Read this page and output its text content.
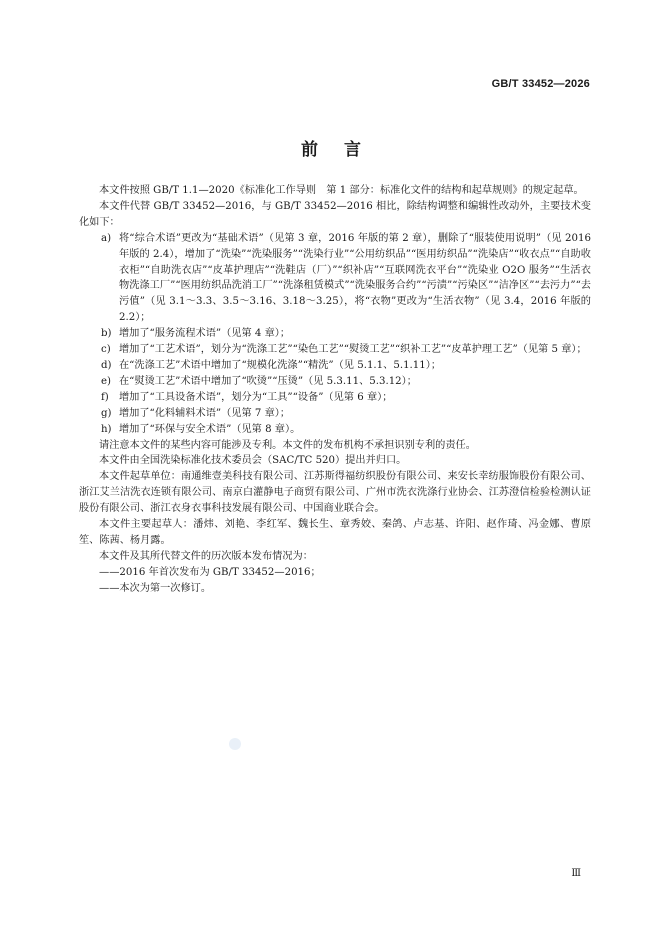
GB/T 33452—2026
前言

本文件按照 GB/T 1.1—2020《标准化工作导则　第 1 部分：标准化文件的结构和起草规则》的规定起草。

本文件代替 GB/T 33452—2016，与 GB/T 33452—2016 相比，除结构调整和编辑性改动外，主要技术变化如下：

a) 将“综合术语”更改为“基础术语”（见第 3 章，2016 年版的第 2 章），删除了“服装使用说明”（见 2016 年版的 2.4），增加了“洗染”“洗染服务”“洗染行业”“公用纺织品”“医用纺织品”“洗染店”“收衣点”“自助收衣柜”“自助洗衣店”“皮革护理店”“洗鞋店（厂）”“织补店”“互联网洗衣平台”“洗染业 O2O 服务”“生活衣物洗涤工厂”“医用纺织品洗消工厂”“洗涤租赁模式”“洗染服务合约”“污渍”“污染区”“洁净区”“去污力”“去污值”（见 3.1～3.3、3.5～3.16、3.18～3.25），将“衣物”更改为“生活衣物”（见 3.4，2016 年版的 2.2）；
b) 增加了“服务流程术语”（见第 4 章）；
c) 增加了“工艺术语”，划分为“洗涤工艺”“染色工艺”“熨烫工艺”“织补工艺”“皮革护理工艺”（见第 5 章）；
d) 在“洗涤工艺”术语中增加了“规模化洗涤”“精洗”（见 5.1.1、5.1.11）；
e) 在“熨烫工艺”术语中增加了“吹烫”“压烫”（见 5.3.11、5.3.12）；
f)	增加了“工具设备术语”，划分为“工具”“设备”（见第 6 章）；
g) 增加了“化料辅料术语”（见第 7 章）；
h) 增加了“环保与安全术语”（见第 8 章）。

请注意本文件的某些内容可能涉及专利。本文件的发布机构不承担识别专利的责任。

本文件由全国洗染标准化技术委员会（SAC/TC 520）提出并归口。

本文件起草单位：南通维壹美科技有限公司、江苏斯得福纺织股份有限公司、来安长幸纺服饰股份有限公司、浙江艾兰洁洗衣连锁有限公司、南京白灌静电子商贸有限公司、广州市洗衣洗涤行业协会、江苏澄信检验检测认证股份有限公司、浙江衣身衣事科技发展有限公司、中国商业联合会。

本文件主要起草人：潘炜、刘艳、李红军、魏长生、章秀姣、秦鸽、卢志基、许阳、赵作琦、冯金娜、曹原笙、陈茜、杨月露。

本文件及其所代替文件的历次版本发布情况为：

——2016 年首次发布为 GB/T 33452—2016；

——本次为第一次修订。

Ⅲ
